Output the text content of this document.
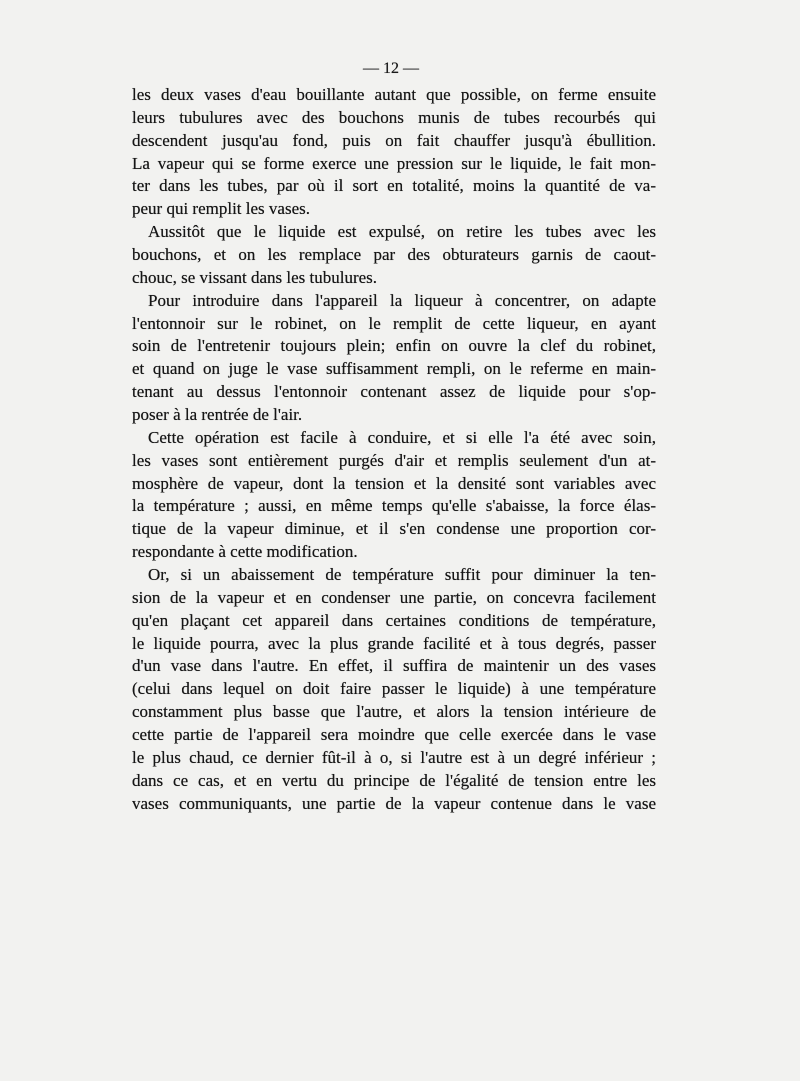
— 12 —
les deux vases d'eau bouillante autant que possible, on ferme ensuite
leurs tubulures avec des bouchons munis de tubes recourbés qui
descendent jusqu'au fond, puis on fait chauffer jusqu'à ébullition.
La vapeur qui se forme exerce une pression sur le liquide, le fait mon-
ter dans les tubes, par où il sort en totalité, moins la quantité de va-
peur qui remplit les vases.
Aussitôt que le liquide est expulsé, on retire les tubes avec les
bouchons, et on les remplace par des obturateurs garnis de caout-
chouc, se vissant dans les tubulures.
Pour introduire dans l'appareil la liqueur à concentrer, on adapte
l'entonnoir sur le robinet, on le remplit de cette liqueur, en ayant
soin de l'entretenir toujours plein; enfin on ouvre la clef du robinet,
et quand on juge le vase suffisamment rempli, on le referme en main-
tenant au dessus l'entonnoir contenant assez de liquide pour s'op-
poser à la rentrée de l'air.
Cette opération est facile à conduire, et si elle l'a été avec soin,
les vases sont entièrement purgés d'air et remplis seulement d'un at-
mosphère de vapeur, dont la tension et la densité sont variables avec
la température ; aussi, en même temps qu'elle s'abaisse, la force élas-
tique de la vapeur diminue, et il s'en condense une proportion cor-
respondante à cette modification.
Or, si un abaissement de température suffit pour diminuer la ten-
sion de la vapeur et en condenser une partie, on concevra facilement
qu'en plaçant cet appareil dans certaines conditions de température,
le liquide pourra, avec la plus grande facilité et à tous degrés, passer
d'un vase dans l'autre. En effet, il suffira de maintenir un des vases
(celui dans lequel on doit faire passer le liquide) à une température
constamment plus basse que l'autre, et alors la tension intérieure de
cette partie de l'appareil sera moindre que celle exercée dans le vase
le plus chaud, ce dernier fût-il à o, si l'autre est à un degré inférieur ;
dans ce cas, et en vertu du principe de l'égalité de tension entre les
vases communiquants, une partie de la vapeur contenue dans le vase
